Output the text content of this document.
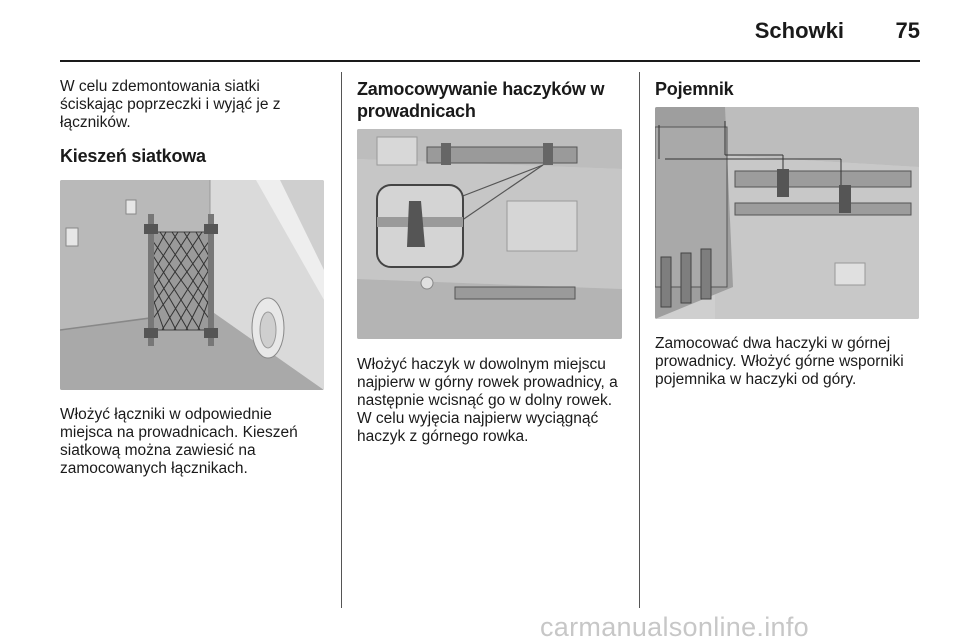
Schowki 75

W celu zdemontowania siatki ściskając poprzeczki i wyjąć je z łączników.

Kieszeń siatkowa

Włożyć łączniki w odpowiednie miejsca na prowadnicach. Kieszeń siatkową można zawiesić na zamocowanych łącznikach.

Zamocowywanie haczyków w prowadnicach

Włożyć haczyk w dowolnym miejscu najpierw w górny rowek prowadnicy, a następnie wcisnąć go w dolny rowek. W celu wyjęcia najpierw wyciągnąć haczyk z górnego rowka.

Pojemnik

Zamocować dwa haczyki w górnej prowadnicy. Włożyć górne wsporniki pojemnika w haczyki od góry.

carmanualsonline.info
